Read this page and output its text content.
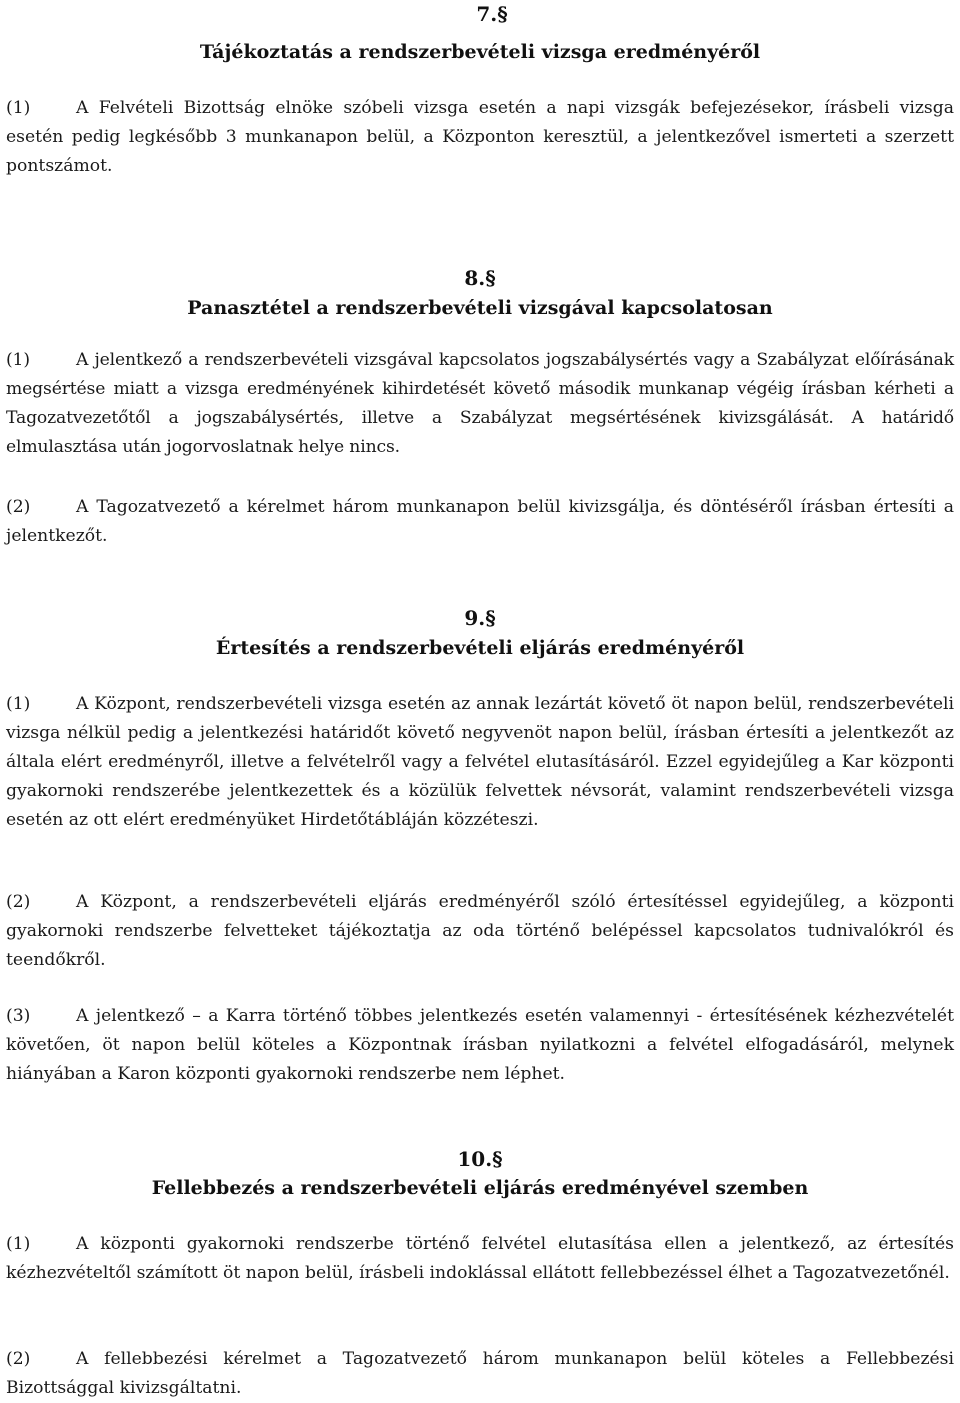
7.§
Tájékoztatás a rendszerbevételi vizsga eredményéről
(1)	A Felvételi Bizottság elnöke szóbeli vizsga esetén a napi vizsgák befejezésekor, írásbeli vizsga esetén pedig legkésőbb 3 munkanapon belül, a Központon keresztül, a jelentkezővel ismerteti a szerzett pontszámot.
8.§
Panasztétel a rendszerbevételi vizsgával kapcsolatosan
(1)	A jelentkező a rendszerbevételi vizsgával kapcsolatos jogszabálysértés vagy a Szabályzat előírásának megsértése miatt a vizsga eredményének kihirdetését követő második munkanap végéig írásban kérheti a Tagozatvezetőtől a jogszabálysértés, illetve a Szabályzat megsértésének kivizsgálását. A határidő elmulasztása után jogorvoslatnak helye nincs.
(2)	A Tagozatvezető a kérelmet három munkanapon belül kivizsgálja, és döntéséről írásban értesíti a jelentkezőt.
9.§
Értesítés a rendszerbevételi eljárás eredményéről
(1)	A Központ, rendszerbevételi vizsga esetén az annak lezártát követő öt napon belül, rendszerbevételi vizsga nélkül pedig a jelentkezési határidőt követő negyvenöt napon belül, írásban értesíti a jelentkezőt az általa elért eredményről, illetve a felvételről vagy a felvétel elutasításáról. Ezzel egyidejűleg a Kar központi gyakornoki rendszerébe jelentkezettek és a közülük felvettek névsorát, valamint rendszerbevételi vizsga esetén az ott elért eredményüket Hirdetőtábláján közzéteszi.
(2)	A Központ, a rendszerbevételi eljárás eredményéről szóló értesítéssel egyidejűleg, a központi gyakornoki rendszerbe felvetteket tájékoztatja az oda történő belépéssel kapcsolatos tudnivalókról és teendőkről.
(3)	A jelentkező – a Karra történő többes jelentkezés esetén valamennyi - értesítésének kézhezvételét követően, öt napon belül köteles a Központnak írásban nyilatkozni a felvétel elfogadásáról, melynek hiányában a Karon központi gyakornoki rendszerbe nem léphet.
10.§
Fellebbezés a rendszerbevételi eljárás eredményével szemben
(1)	A központi gyakornoki rendszerbe történő felvétel elutasítása ellen a jelentkező, az értesítés kézhezvételtől számított öt napon belül, írásbeli indoklással ellátott fellebbezéssel élhet a Tagozatvezetőnél.
(2)	A fellebbezési kérelmet a Tagozatvezető három munkanapon belül köteles a Fellebbezési Bizottsággal kivizsgáltatni.
